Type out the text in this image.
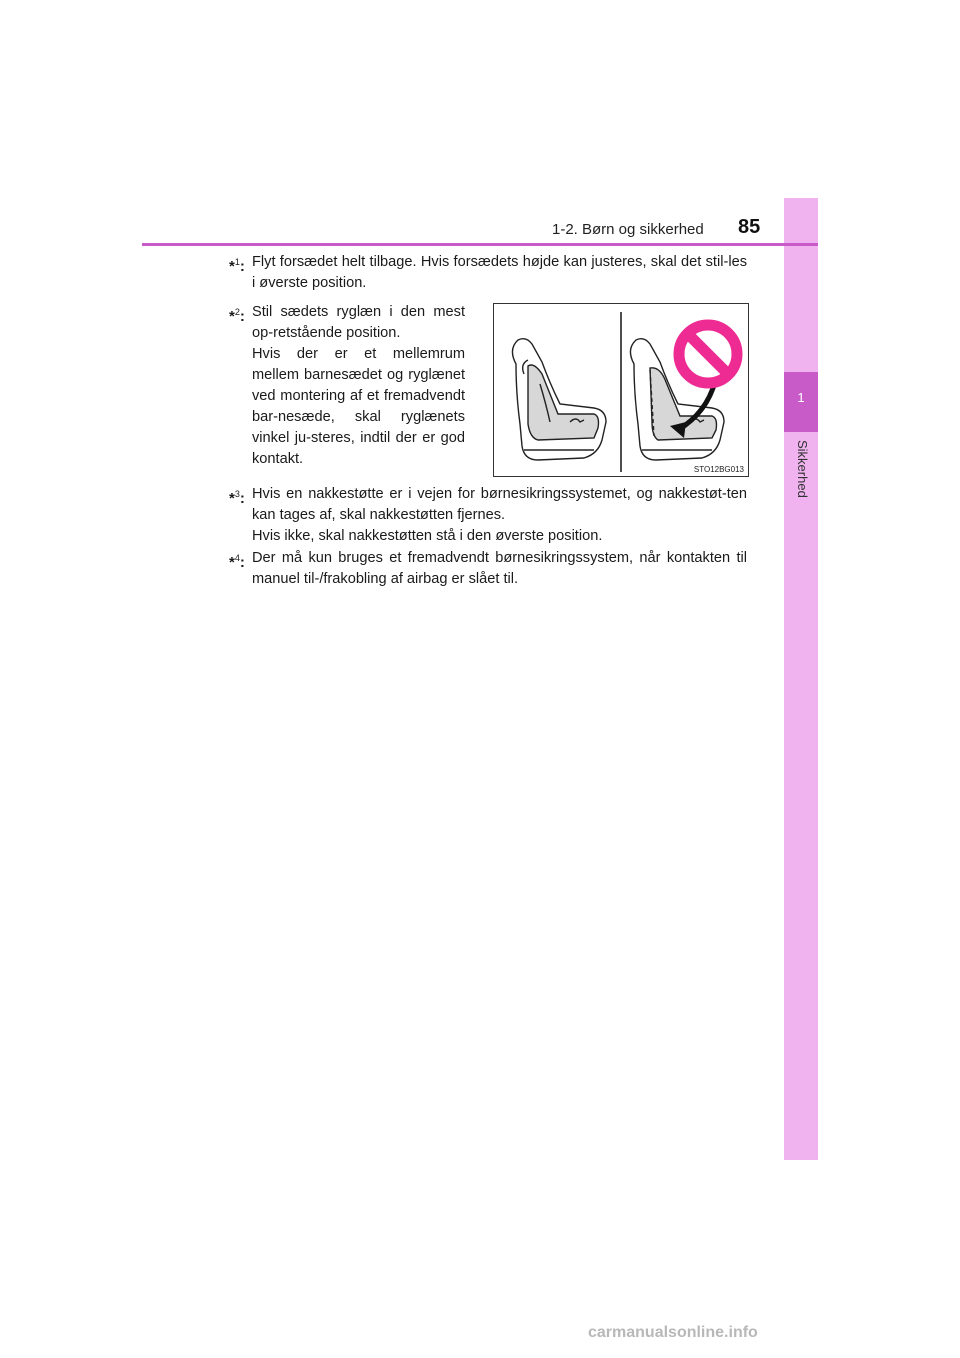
1
Sikkerhed
1-2. Børn og sikkerhed 85
*$^1$: Flyt forsædet helt tilbage. Hvis forsædets højde kan justeres, skal det stil-les i øverste position.

*$^2$: Stil sædets ryglæn i den mest op-retstående position.

Hvis der er et mellemrum mellem barnesædet og ryglænet ved montering af et fremadvendt bar-nesæde, skal ryglænets vinkel ju-steres, indtil der er god kontakt.

STO12BG013
*$^3$: Hvis en nakkestøtte er i vejen for børnesikringssystemet, og nakkestøt-ten kan tages af, skal nakkestøtten fjernes.

Hvis ikke, skal nakkestøtten stå i den øverste position.

*$^4$: Der må kun bruges et fremadvendt børnesikringssystem, når kontakten til manuel til-/frakobling af airbag er slået til.

carmanualsonline.info
